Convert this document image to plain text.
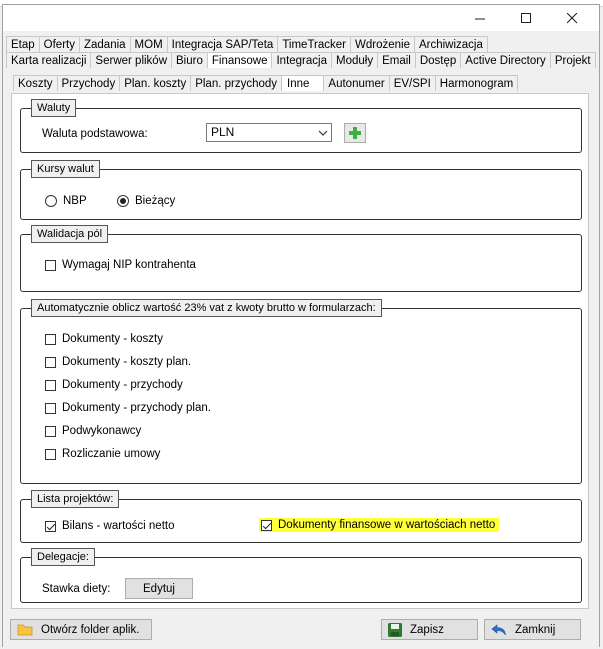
Etap Oferty Zadania MOM Integracja SAP/Teta TimeTracker Wdrożenie Archiwizacja
Karta realizacji Serwer plików Biuro Finansowe Integracja Moduły Email Dostęp Active Directory Projekt
Koszty Przychody Plan. koszty Plan. przychody Inne	Autonumer EV/SPI Harmonogram
Waluty
Waluta podstawowa:	PLN
Kursy walut
NBP	Bieżący
Walidacja pól
Wymagaj NIP kontrahenta
Automatycznie oblicz wartość 23% vat z kwoty brutto w formularzach:
Dokumenty - koszty
Dokumenty - koszty plan.
Dokumenty - przychody
Dokumenty - przychody plan.
Podwykonawcy
Rozliczanie umowy
Lista projektów:
Bilans - wartości netto	Dokumenty finansowe w wartościach netto
Delegacje:
Stawka diety:	Edytuj
Otwórz folder aplik.	Zapisz	Zamknij
